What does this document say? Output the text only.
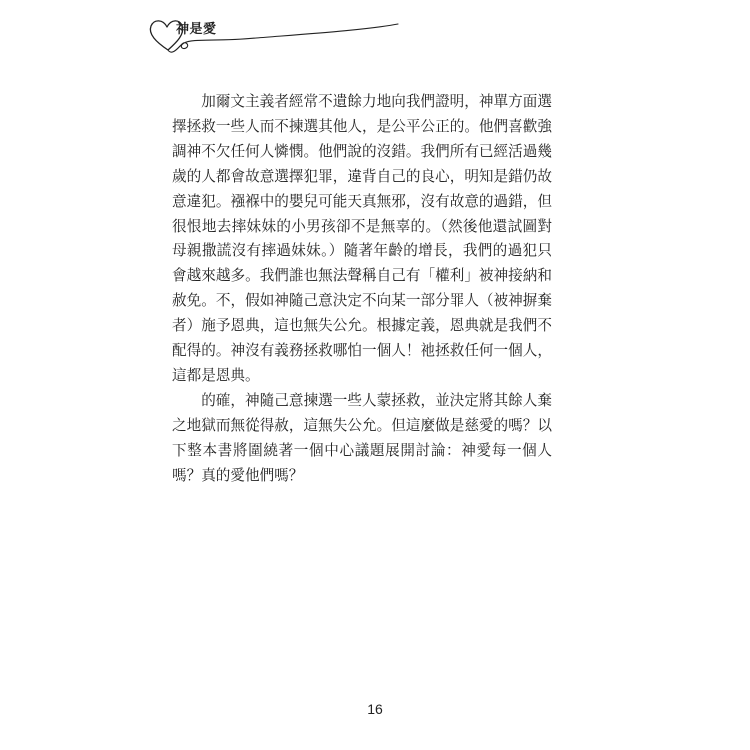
神是愛

加爾文主義者經常不遺餘力地向我們證明，神單方面選擇拯救一些人而不揀選其他人，是公平公正的。他們喜歡強調神不欠任何人憐憫。他們說的沒錯。我們所有已經活過幾歲的人都會故意選擇犯罪，違背自己的良心，明知是錯仍故意違犯。襁褓中的嬰兒可能天真無邪，沒有故意的過錯，但很恨地去摔妹妹的小男孩卻不是無辜的。（然後他還試圖對母親撒謊沒有摔過妹妹。）隨著年齡的增長，我們的過犯只會越來越多。我們誰也無法聲稱自己有「權利」被神接納和赦免。不，假如神隨己意決定不向某一部分罪人（被神摒棄者）施予恩典，這也無失公允。根據定義，恩典就是我們不配得的。神沒有義務拯救哪怕一個人！祂拯救任何一個人，這都是恩典。

的確，神隨己意揀選一些人蒙拯救，並決定將其餘人棄之地獄而無從得赦，這無失公允。但這麼做是慈愛的嗎？以下整本書將圍繞著一個中心議題展開討論：神愛每一個人嗎？真的愛他們嗎？

16
